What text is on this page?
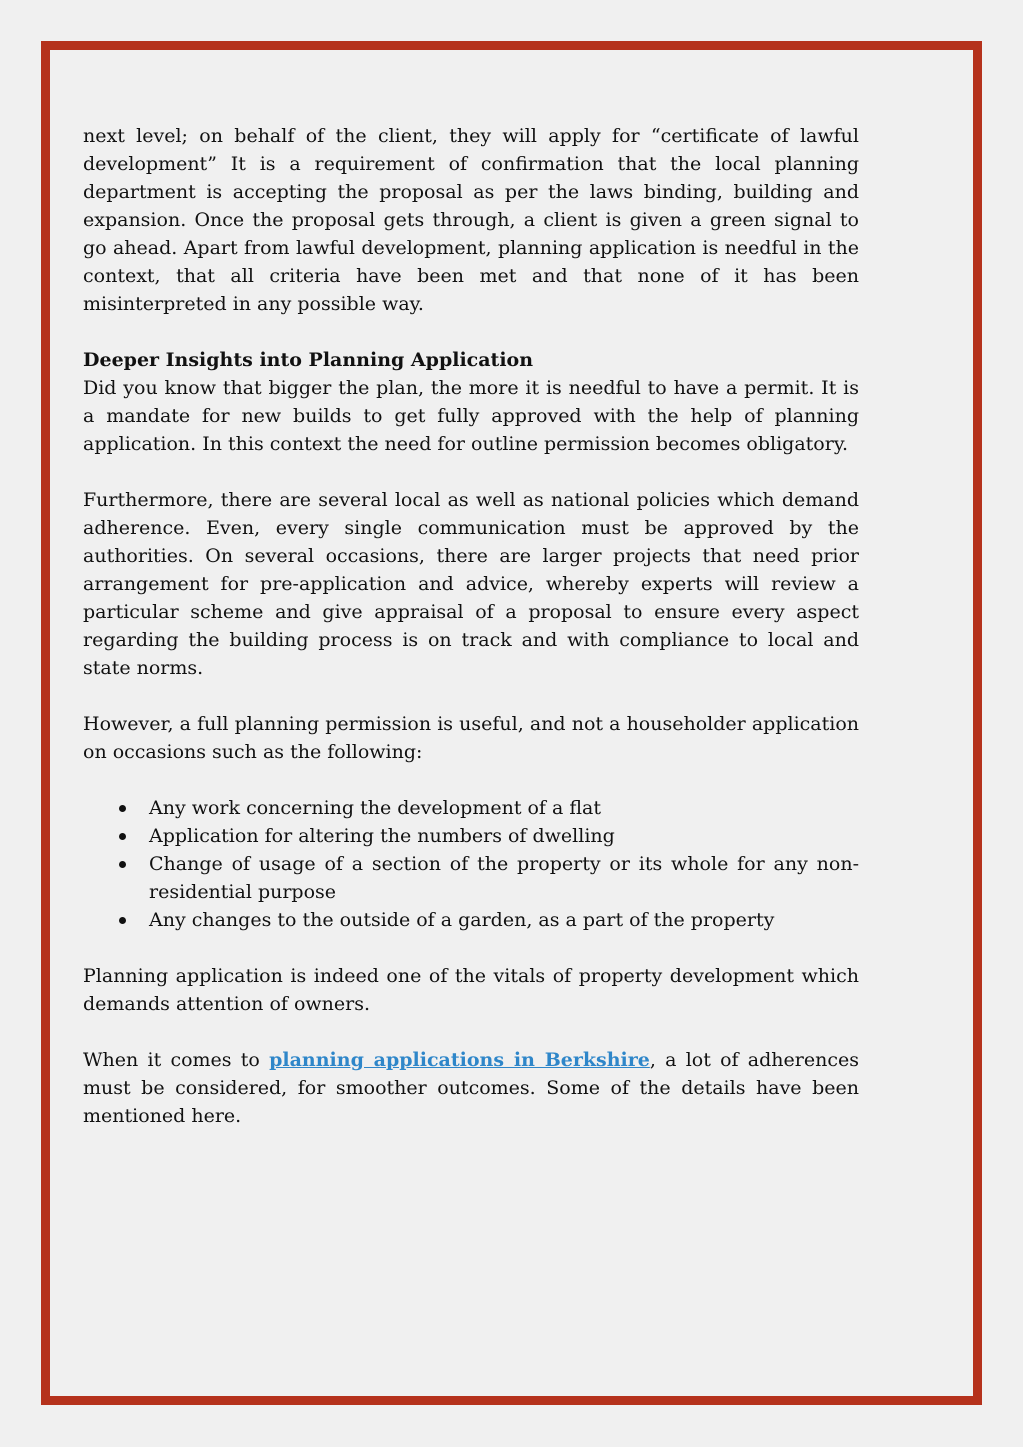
next level; on behalf of the client, they will apply for “certificate of lawful development” It is a requirement of confirmation that the local planning department is accepting the proposal as per the laws binding, building and expansion. Once the proposal gets through, a client is given a green signal to go ahead. Apart from lawful development, planning application is needful in the context, that all criteria have been met and that none of it has been misinterpreted in any possible way.

Deeper Insights into Planning Application

Did you know that bigger the plan, the more it is needful to have a permit. It is a mandate for new builds to get fully approved with the help of planning application. In this context the need for outline permission becomes obligatory.

Furthermore, there are several local as well as national policies which demand adherence. Even, every single communication must be approved by the authorities. On several occasions, there are larger projects that need prior arrangement for pre-application and advice, whereby experts will review a particular scheme and give appraisal of a proposal to ensure every aspect regarding the building process is on track and with compliance to local and state norms.

However, a full planning permission is useful, and not a householder application on occasions such as the following:

Any work concerning the development of a flat
Application for altering the numbers of dwelling
Change of usage of a section of the property or its whole for any non-residential purpose
Any changes to the outside of a garden, as a part of the property

Planning application is indeed one of the vitals of property development which demands attention of owners.

When it comes to planning applications in Berkshire, a lot of adherences must be considered, for smoother outcomes. Some of the details have been mentioned here.
